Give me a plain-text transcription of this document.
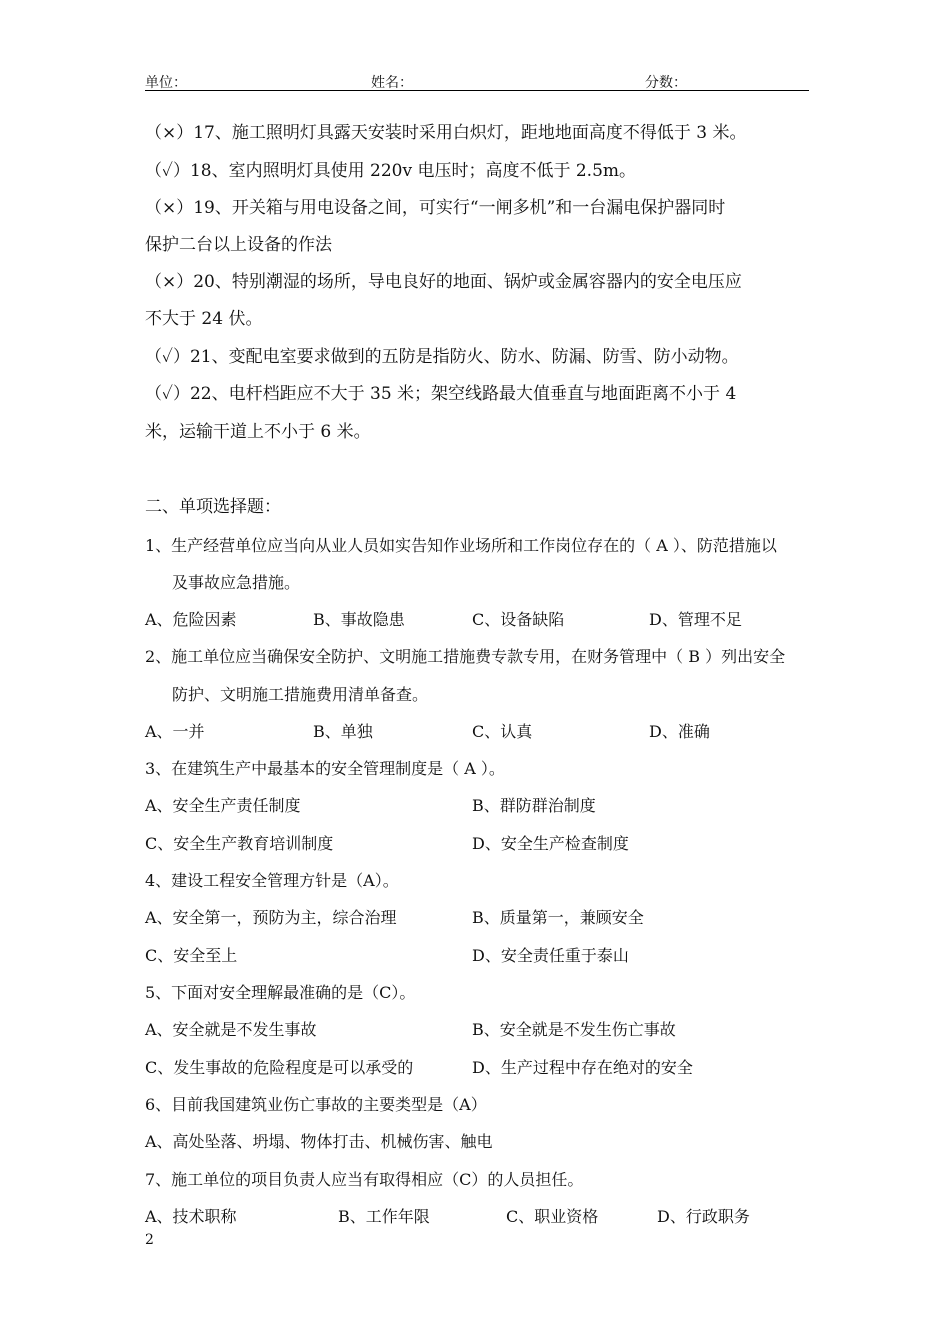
单位：	姓名：	分数：
（×）17、施工照明灯具露天安装时采用白炽灯，距地地面高度不得低于 3 米。
（✓）18、室内照明灯具使用 220v 电压时；高度不低于 2.5m。
（×）19、开关箱与用电设备之间，可实行“一闸多机”和一台漏电保护器同时
保护二台以上设备的作法
（×）20、特别潮湿的场所，导电良好的地面、锅炉或金属容器内的安全电压应
不大于 24 伏。
（✓）21、变配电室要求做到的五防是指防火、防水、防漏、防雪、防小动物。
（✓）22、电杆档距应不大于 35 米；架空线路最大值垂直与地面距离不小于 4
米，运输干道上不小于 6 米。
二、单项选择题：
1、生产经营单位应当向从业人员如实告知作业场所和工作岗位存在的（ A ）、防范措施以
及事故应急措施。
A、危险因素	B、事故隐患	C、设备缺陷	D、管理不足
2、施工单位应当确保安全防护、文明施工措施费专款专用，在财务管理中（ B ）列出安全
防护、文明施工措施费用清单备查。
A、一并	B、单独	C、认真	D、准确
3、在建筑生产中最基本的安全管理制度是（ A ）。
A、安全生产责任制度	B、群防群治制度
C、安全生产教育培训制度	D、安全生产检查制度
4、建设工程安全管理方针是（A）。
A、安全第一，预防为主，综合治理	B、质量第一，兼顾安全
C、安全至上	D、安全责任重于泰山
5、下面对安全理解最准确的是（C）。
A、安全就是不发生事故	B、安全就是不发生伤亡事故
C、发生事故的危险程度是可以承受的	D、生产过程中存在绝对的安全
6、目前我国建筑业伤亡事故的主要类型是（A）
A、高处坠落、坍塌、物体打击、机械伤害、触电
7、施工单位的项目负责人应当有取得相应（C）的人员担任。
A、技术职称	B、工作年限	C、职业资格	D、行政职务
2
